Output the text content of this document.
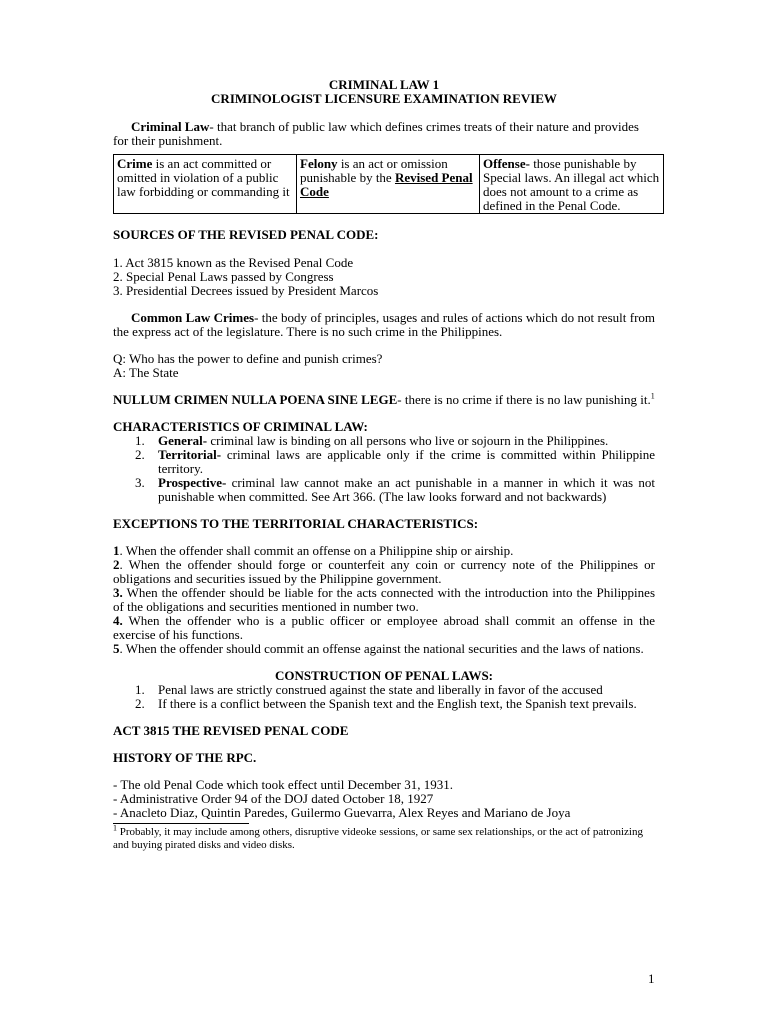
CRIMINAL LAW 1

CRIMINOLOGIST LICENSURE EXAMINATION REVIEW

Criminal Law- that branch of public law which defines crimes treats of their nature and provides for their punishment.

Crime is an act committed or omitted in violation of a public law forbidding or commanding it	Felony is an act or omission punishable by the Revised Penal Code	Offense- those punishable by Special laws. An illegal act which does not amount to a crime as defined in the Penal Code.

SOURCES OF THE REVISED PENAL CODE:

1. Act 3815 known as the Revised Penal Code

2. Special Penal Laws passed by Congress

3. Presidential Decrees issued by President Marcos

Common Law Crimes- the body of principles, usages and rules of actions which do not result from the express act of the legislature. There is no such crime in the Philippines.

Q: Who has the power to define and punish crimes?

A: The State

NULLUM CRIMEN NULLA POENA SINE LEGE- there is no crime if there is no law punishing it.$^1$

CHARACTERISTICS OF CRIMINAL LAW:

1. General- criminal law is binding on all persons who live or sojourn in the Philippines.
2. Territorial- criminal laws are applicable only if the crime is committed within Philippine territory.
3. Prospective- criminal law cannot make an act punishable in a manner in which it was not punishable when committed. See Art 366. (The law looks forward and not backwards)

EXCEPTIONS TO THE TERRITORIAL CHARACTERISTICS:

1. When the offender shall commit an offense on a Philippine ship or airship.

2. When the offender should forge or counterfeit any coin or currency note of the Philippines or obligations and securities issued by the Philippine government.

3. When the offender should be liable for the acts connected with the introduction into the Philippines of the obligations and securities mentioned in number two.

4. When the offender who is a public officer or employee abroad shall commit an offense in the exercise of his functions.

5. When the offender should commit an offense against the national securities and the laws of nations.

CONSTRUCTION OF PENAL LAWS:

1. Penal laws are strictly construed against the state and liberally in favor of the accused
2. If there is a conflict between the Spanish text and the English text, the Spanish text prevails.

ACT 3815 THE REVISED PENAL CODE

HISTORY OF THE RPC.

- The old Penal Code which took effect until December 31, 1931.

- Administrative Order 94 of the DOJ dated October 18, 1927

- Anacleto Diaz, Quintin Paredes, Guilermo Guevarra, Alex Reyes and Mariano de Joya

$^1$ Probably, it may include among others, disruptive videoke sessions, or same sex relationships, or the act of patronizing and buying pirated disks and video disks.

1
